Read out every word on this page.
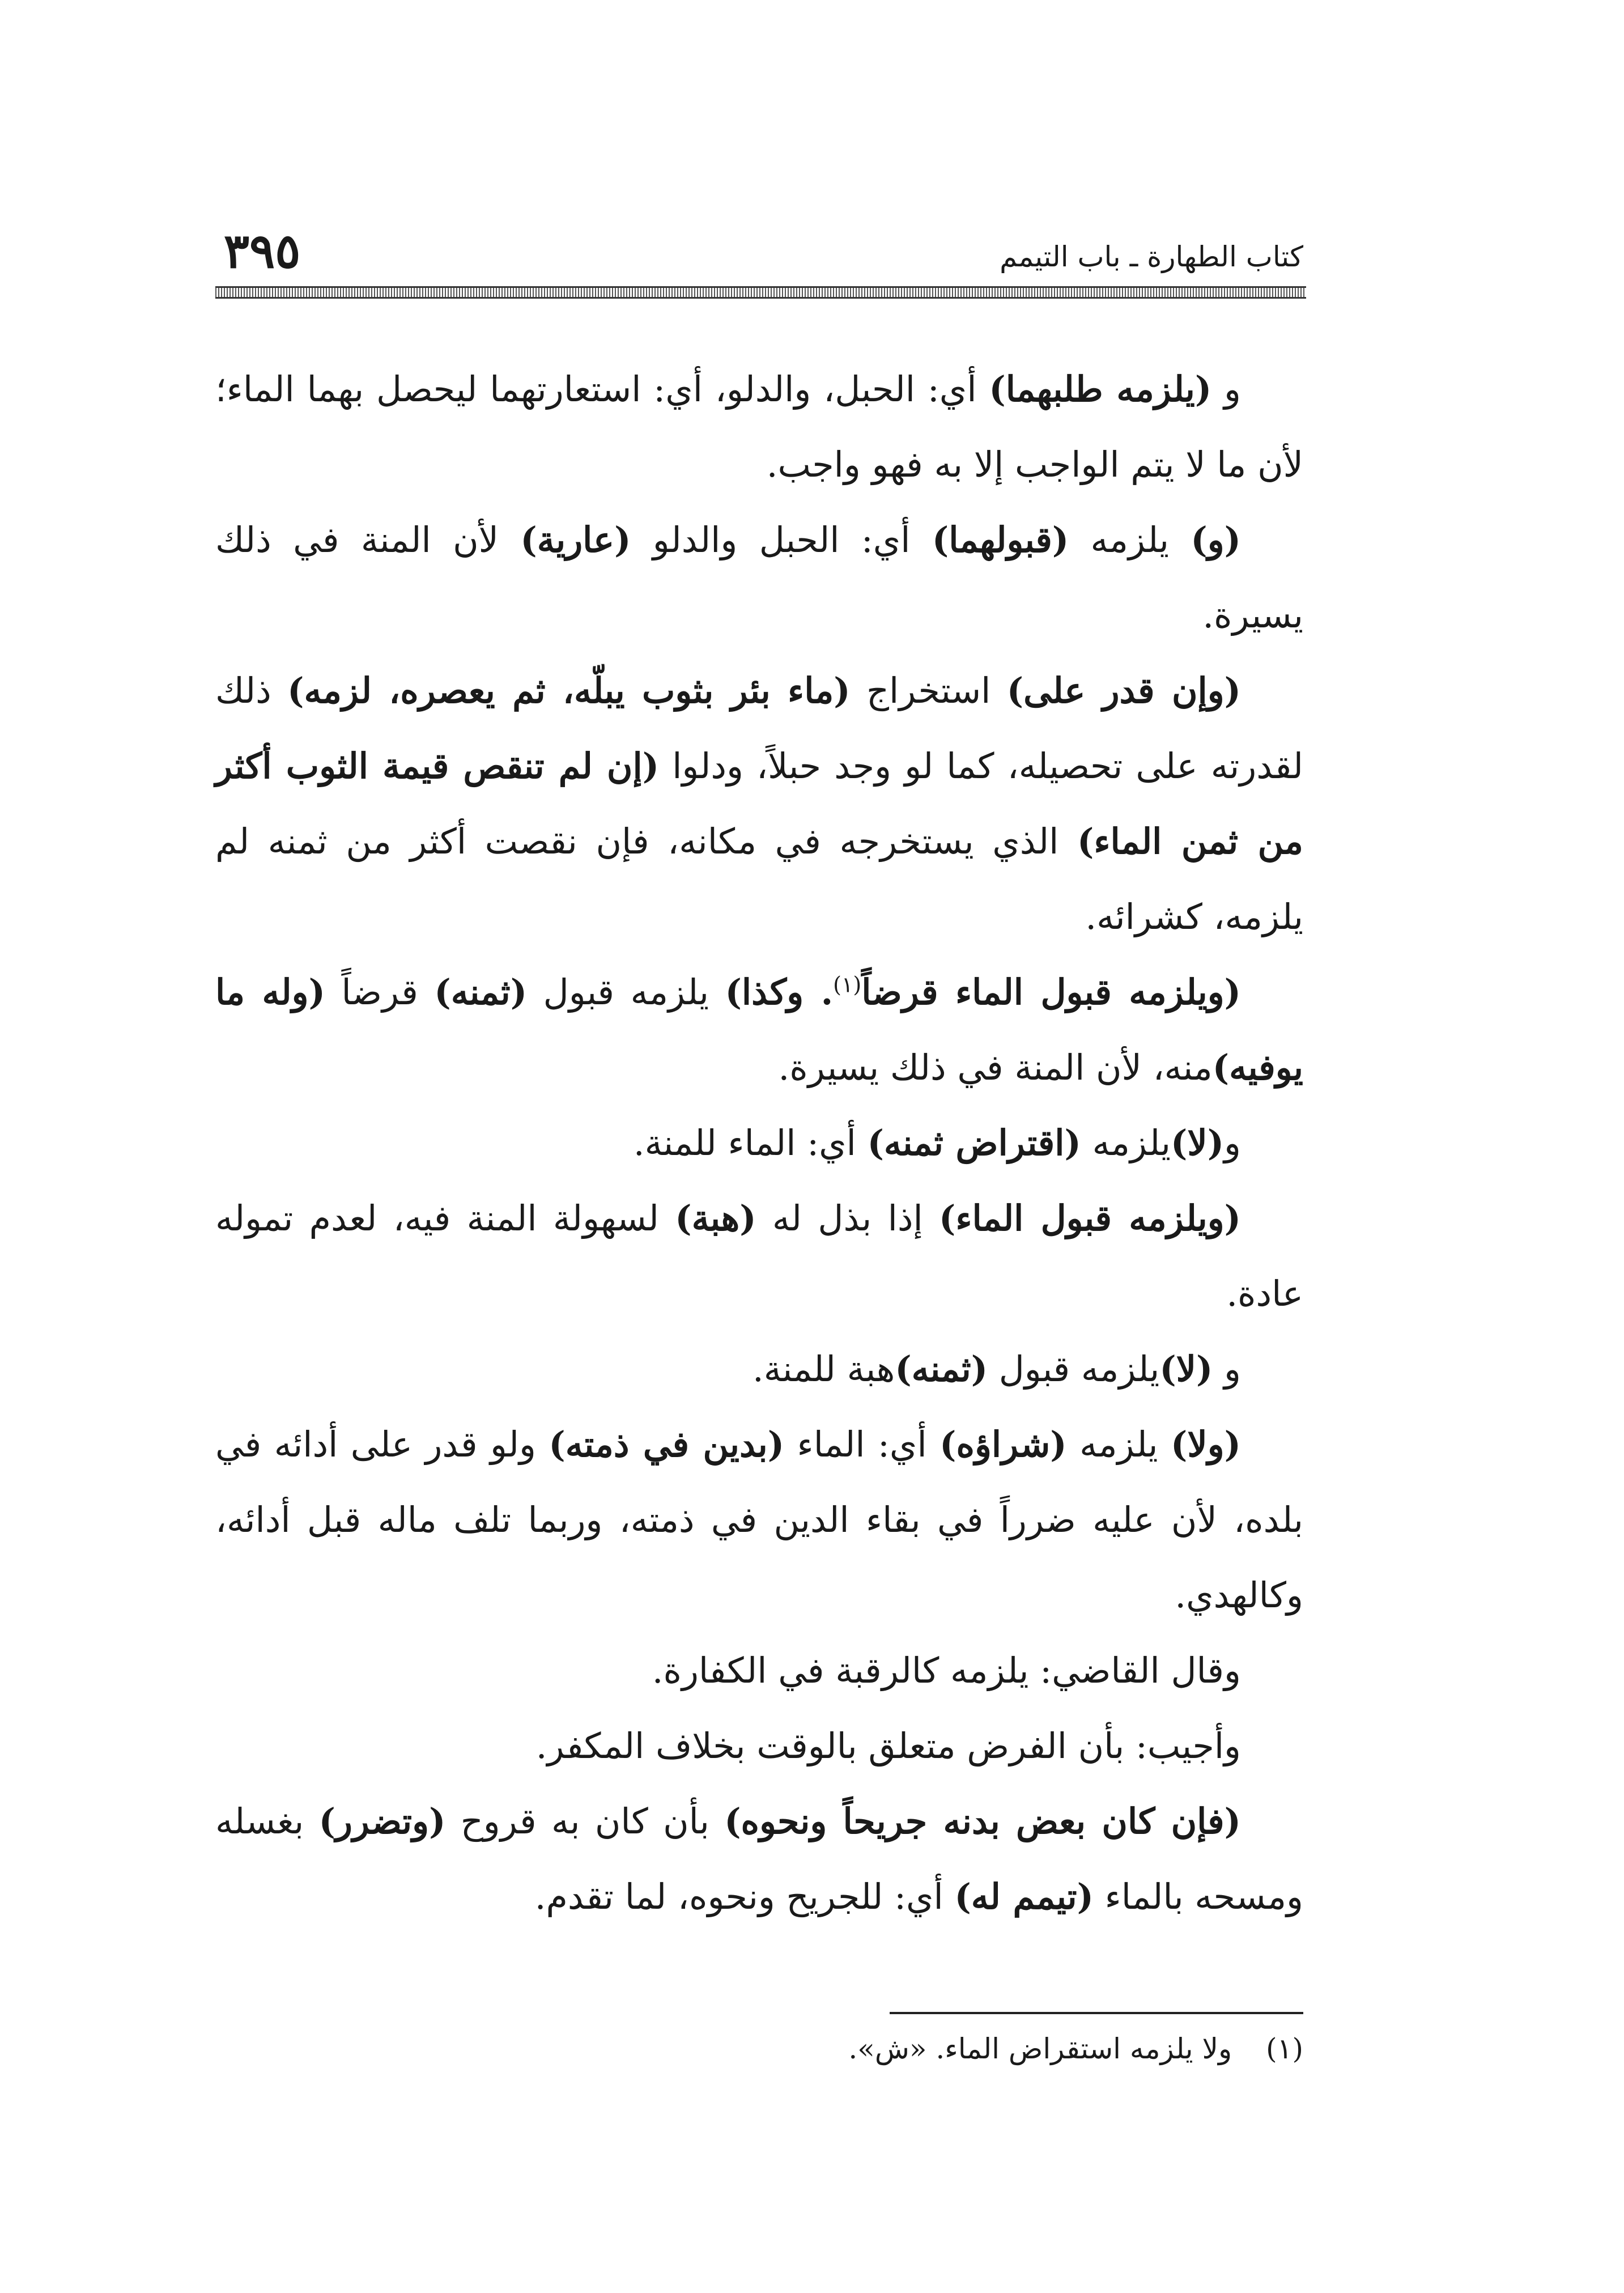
كتاب الطهارة ـ باب التيمم
٣٩٥

و (يلزمه طلبهما) أي: الحبل، والدلو، أي: استعارتهما ليحصل بهما الماء؛ لأن ما لا يتم الواجب إلا به فهو واجب.

(و) يلزمه (قبولهما) أي: الحبل والدلو (عارية) لأن المنة في ذلك يسيرة.

(وإن قدر على) استخراج (ماء بئر بثوب يبلّه، ثم يعصره، لزمه) ذلك لقدرته على تحصيله، كما لو وجد حبلاً، ودلوا (إن لم تنقص قيمة الثوب أكثر من ثمن الماء) الذي يستخرجه في مكانه، فإن نقصت أكثر من ثمنه لم يلزمه، كشرائه.

(ويلزمه قبول الماء قرضاً$^{(١)}$. وكذا) يلزمه قبول (ثمنه) قرضاً (وله ما يوفيه)منه، لأن المنة في ذلك يسيرة.

و(لا)يلزمه (اقتراض ثمنه) أي: الماء للمنة.

(ويلزمه قبول الماء) إذا بذل له (هبة) لسهولة المنة فيه، لعدم تموله عادة.

و (لا)يلزمه قبول (ثمنه)هبة للمنة.

(ولا) يلزمه (شراؤه) أي: الماء (بدين في ذمته) ولو قدر على أدائه في بلده، لأن عليه ضرراً في بقاء الدين في ذمته، وربما تلف ماله قبل أدائه، وكالهدي.

وقال القاضي: يلزمه كالرقبة في الكفارة.

وأجيب: بأن الفرض متعلق بالوقت بخلاف المكفر.

(فإن كان بعض بدنه جريحاً ونحوه) بأن كان به قروح (وتضرر) بغسله ومسحه بالماء (تيمم له) أي: للجريح ونحوه، لما تقدم.

(١)ولا يلزمه استقراض الماء. «ش».
